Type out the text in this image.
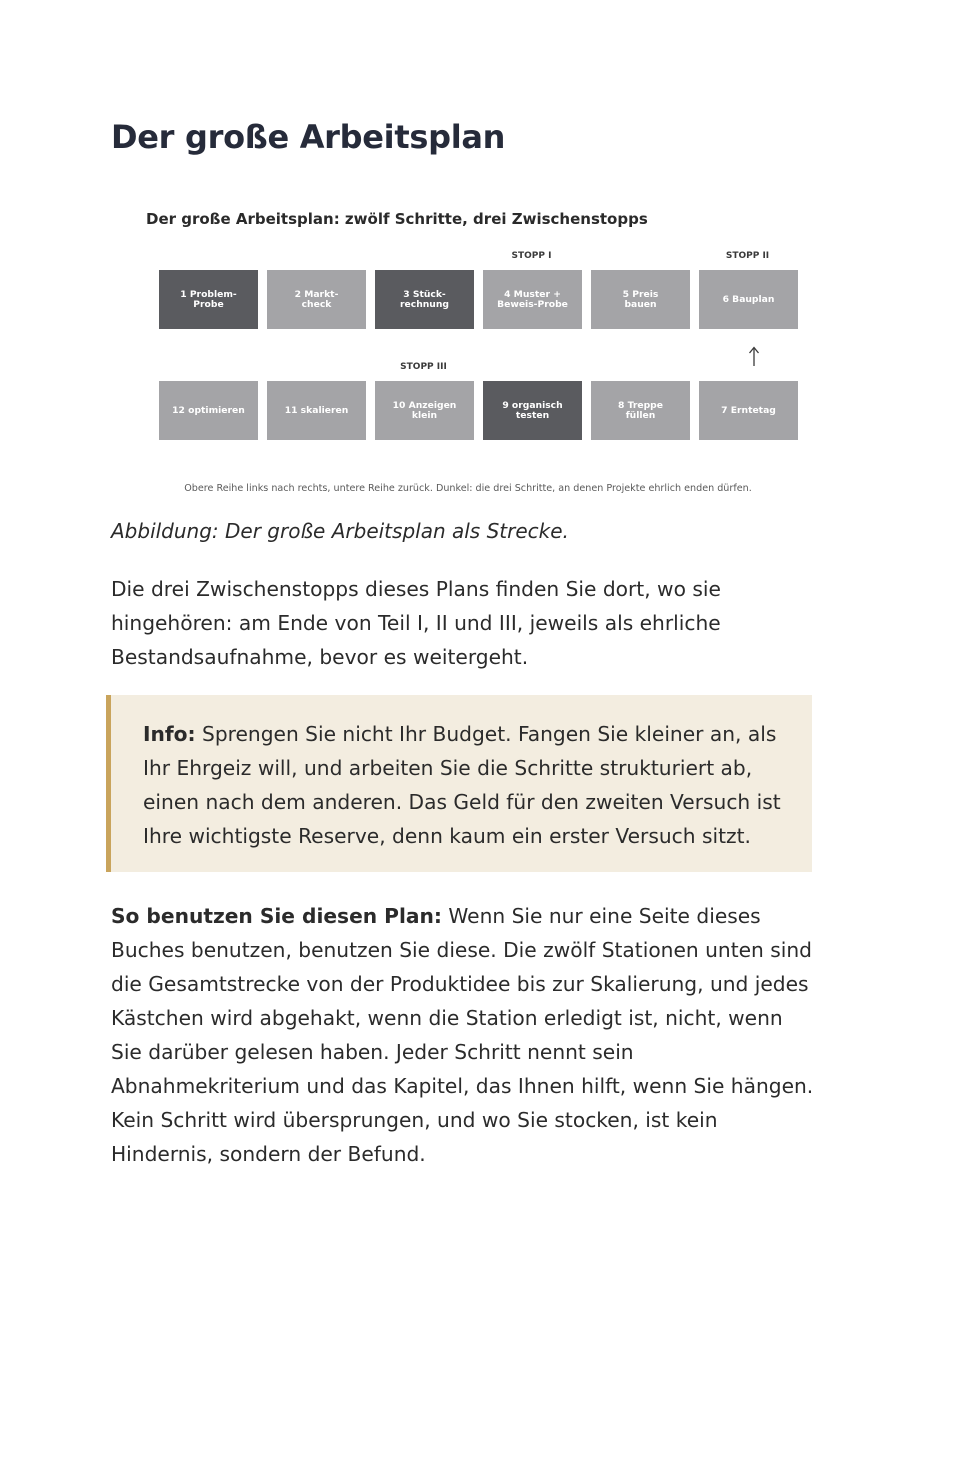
Der große Arbeitsplan
Der große Arbeitsplan: zwölf Schritte, drei Zwischenstopps
STOPP I	STOPP II
STOPP III
1 Problem-
Probe
2 Markt-
check
3 Stück-
rechnung
4 Muster +
Beweis-Probe
5 Preis
bauen	6 Bauplan
12 optimieren	11 skalieren	10 Anzeigen
klein
9 organisch
testen
8 Treppe
füllen	7 Erntetag
Obere Reihe links nach rechts, untere Reihe zurück. Dunkel: die drei Schritte, an denen Projekte ehrlich enden dürfen.

Abbildung: Der große Arbeitsplan als Strecke.

Die drei Zwischenstopps dieses Plans finden Sie dort, wo sie hingehören: am Ende von Teil I, II und III, jeweils als ehrliche Bestandsaufnahme, bevor es weitergeht.

Info: Sprengen Sie nicht Ihr Budget. Fangen Sie kleiner an, als Ihr Ehrgeiz will, und arbeiten Sie die Schritte strukturiert ab, einen nach dem anderen. Das Geld für den zweiten Versuch ist Ihre wichtigste Reserve, denn kaum ein erster Versuch sitzt.

So benutzen Sie diesen Plan: Wenn Sie nur eine Seite dieses Buches benutzen, benutzen Sie diese. Die zwölf Stationen unten sind die Gesamtstrecke von der Produktidee bis zur Skalierung, und jedes Kästchen wird abgehakt, wenn die Station erledigt ist, nicht, wenn Sie darüber gelesen haben. Jeder Schritt nennt sein Abnahmekriterium und das Kapitel, das Ihnen hilft, wenn Sie hängen. Kein Schritt wird übersprungen, und wo Sie stocken, ist kein Hindernis, sondern der Befund.
